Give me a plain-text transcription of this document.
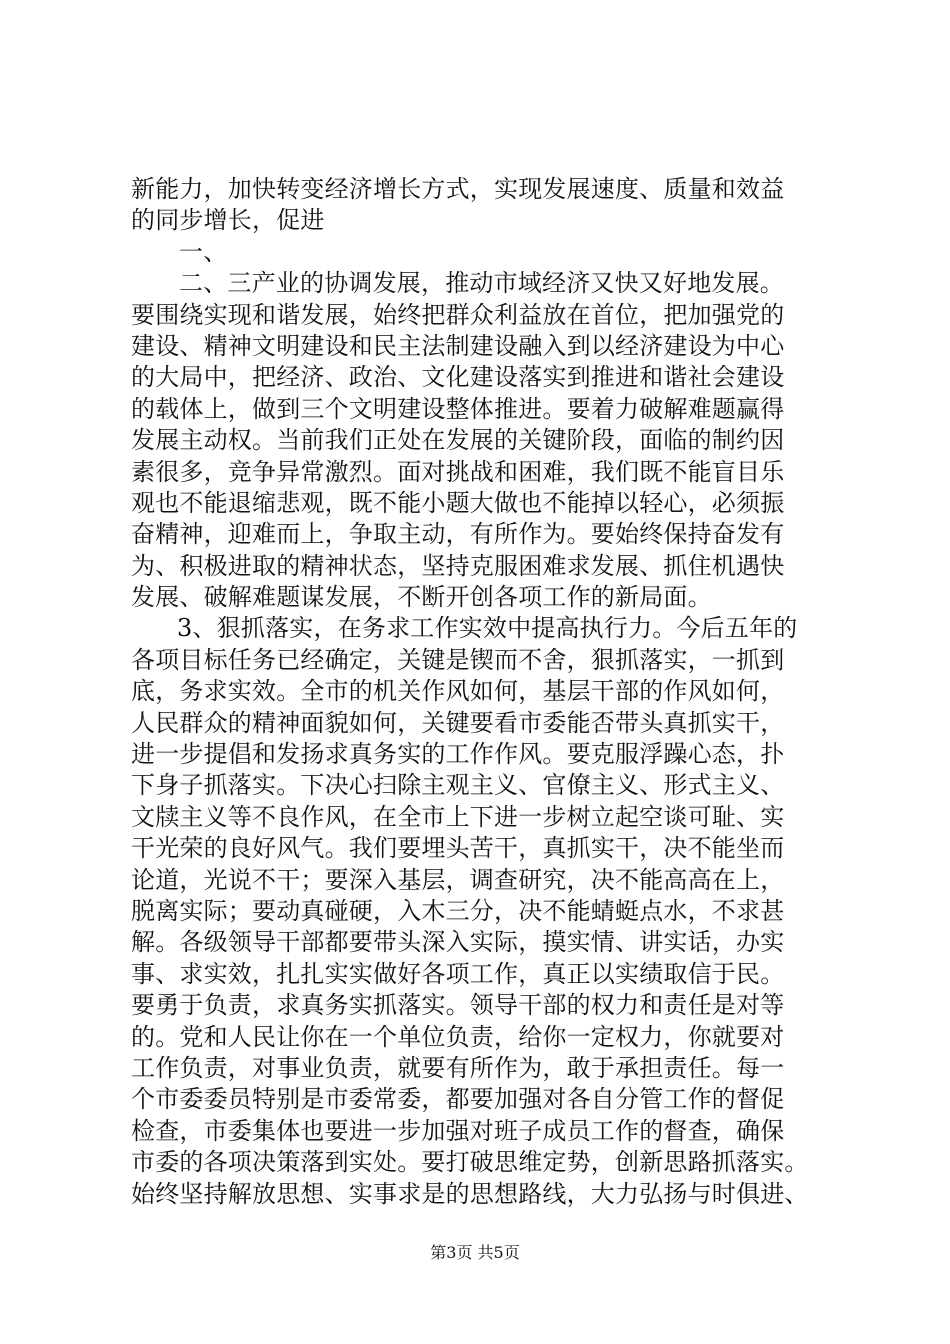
新能力，加快转变经济增长方式，实现发展速度、质量和效益
的同步增长，促进
一、
二、三产业的协调发展，推动市域经济又快又好地发展。
要围绕实现和谐发展，始终把群众利益放在首位，把加强党的
建设、精神文明建设和民主法制建设融入到以经济建设为中心
的大局中，把经济、政治、文化建设落实到推进和谐社会建设
的载体上，做到三个文明建设整体推进。要着力破解难题赢得
发展主动权。当前我们正处在发展的关键阶段，面临的制约因
素很多，竞争异常激烈。面对挑战和困难，我们既不能盲目乐
观也不能退缩悲观，既不能小题大做也不能掉以轻心，必须振
奋精神，迎难而上，争取主动，有所作为。要始终保持奋发有
为、积极进取的精神状态，坚持克服困难求发展、抓住机遇快
发展、破解难题谋发展，不断开创各项工作的新局面。
3、狠抓落实，在务求工作实效中提高执行力。今后五年的
各项目标任务已经确定，关键是锲而不舍，狠抓落实，一抓到
底，务求实效。全市的机关作风如何，基层干部的作风如何，
人民群众的精神面貌如何，关键要看市委能否带头真抓实干，
进一步提倡和发扬求真务实的工作作风。要克服浮躁心态，扑
下身子抓落实。下决心扫除主观主义、官僚主义、形式主义、
文牍主义等不良作风，在全市上下进一步树立起空谈可耻、实
干光荣的良好风气。我们要埋头苦干，真抓实干，决不能坐而
论道，光说不干；要深入基层，调查研究，决不能高高在上，
脱离实际；要动真碰硬，入木三分，决不能蜻蜓点水，不求甚
解。各级领导干部都要带头深入实际，摸实情、讲实话，办实
事、求实效，扎扎实实做好各项工作，真正以实绩取信于民。
要勇于负责，求真务实抓落实。领导干部的权力和责任是对等
的。党和人民让你在一个单位负责，给你一定权力，你就要对
工作负责，对事业负责，就要有所作为，敢于承担责任。每一
个市委委员特别是市委常委，都要加强对各自分管工作的督促
检查，市委集体也要进一步加强对班子成员工作的督查，确保
市委的各项决策落到实处。要打破思维定势，创新思路抓落实。
始终坚持解放思想、实事求是的思想路线，大力弘扬与时俱进、
第3页 共5页
